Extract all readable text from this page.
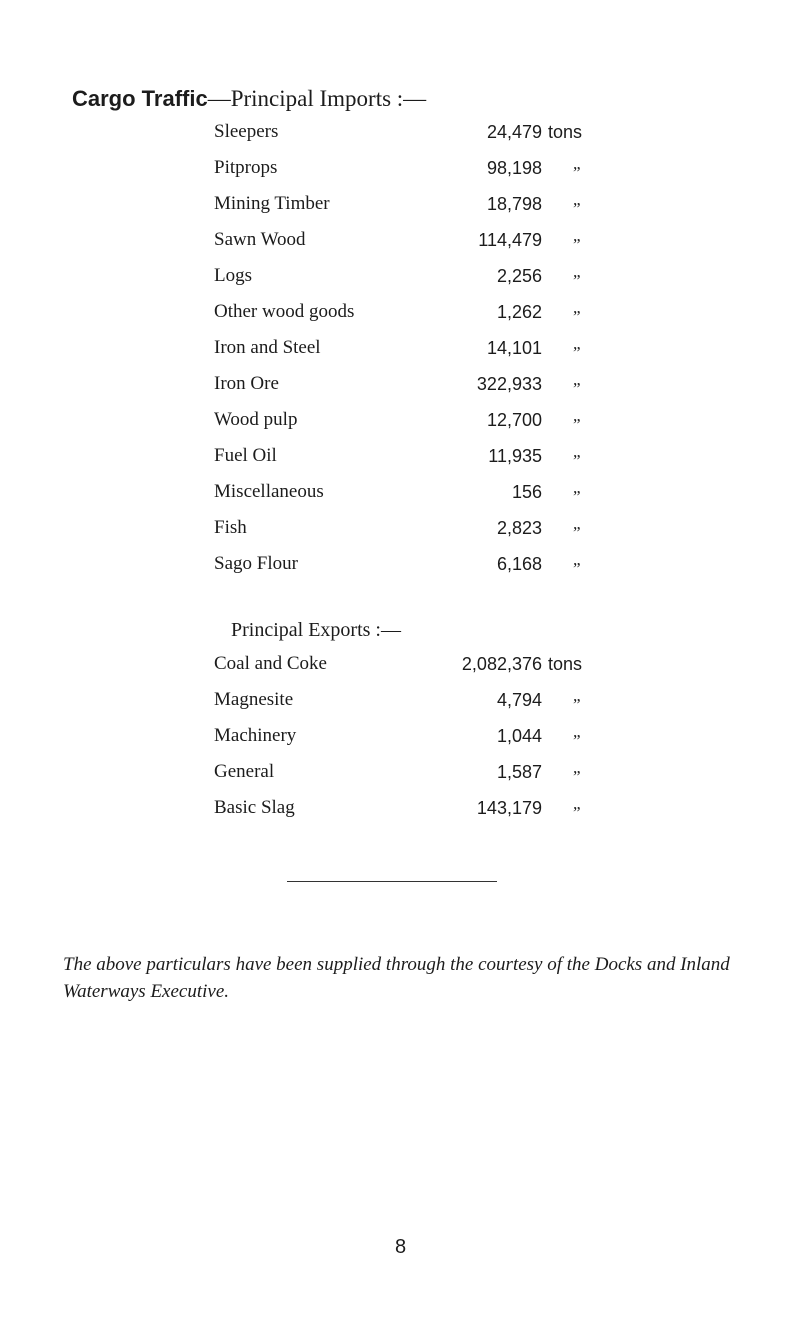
Cargo Traffic—Principal Imports :—
Sleepers	24,479 tons
Pitprops	98,198 „
Mining Timber	18,798 „
Sawn Wood	114,479 „
Logs	2,256 „
Other wood goods	1,262 „
Iron and Steel	14,101 „
Iron Ore	322,933 „
Wood pulp	12,700 „
Fuel Oil	11,935 „
Miscellaneous	156 „
Fish	2,823 „
Sago Flour	6,168 „
Principal Exports :—
Coal and Coke	2,082,376 tons
Magnesite	4,794 „
Machinery	1,044 „
General	1,587 „
Basic Slag	143,179 „

The above particulars have been supplied through the courtesy of the Docks and Inland Waterways Executive.

8
